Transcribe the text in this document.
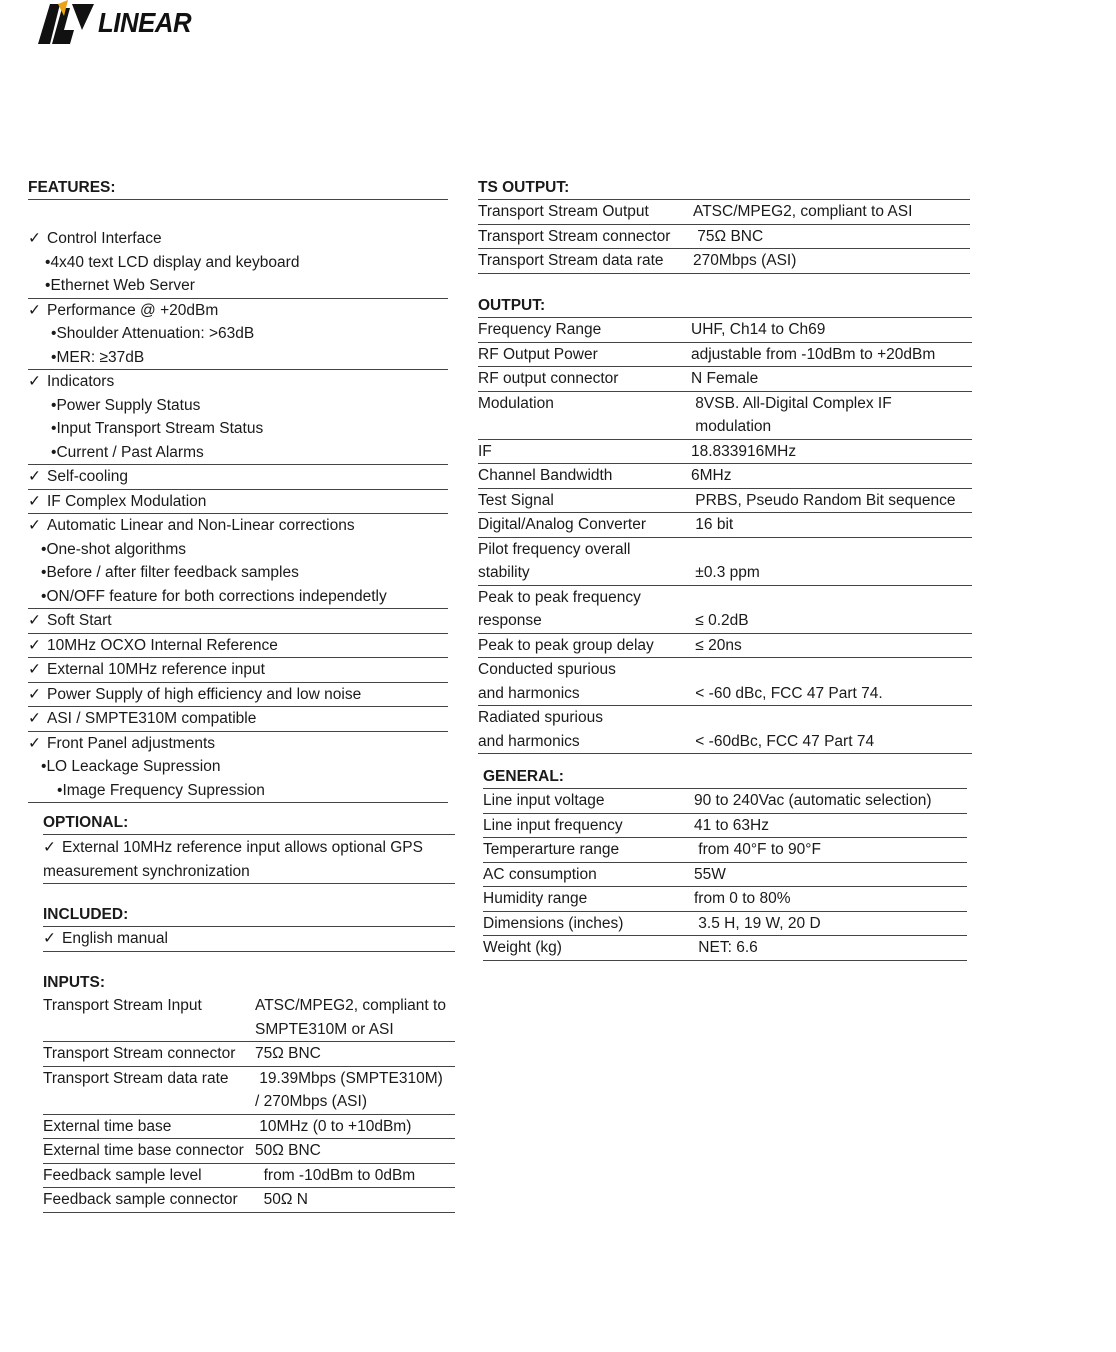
LINEAR
FEATURES:
✓ Control Interface
•4x40 text LCD display and keyboard
•Ethernet Web Server
✓ Performance @ +20dBm
•Shoulder Attenuation: >63dB
•MER: ≥37dB
✓ Indicators
•Power Supply Status
•Input Transport Stream Status
•Current / Past Alarms
✓ Self-cooling
✓ IF Complex Modulation
✓ Automatic Linear and Non-Linear corrections
•One-shot algorithms
•Before / after filter feedback samples
•ON/OFF feature for both corrections independetly
✓ Soft Start
✓ 10MHz OCXO Internal Reference
✓ External 10MHz reference input
✓ Power Supply of high efficiency and low noise
✓ ASI / SMPTE310M compatible
✓ Front Panel adjustments
•LO Leackage Supression
•Image Frequency Supression
OPTIONAL:
✓ External 10MHz reference input allows optional GPS
measurement synchronization
INCLUDED:
✓ English manual
INPUTS:
Transport Stream Input	ATSC/MPEG2, compliant to
SMPTE310M or ASI
Transport Stream connector	75Ω BNC
Transport Stream data rate	19.39Mbps (SMPTE310M)
/ 270Mbps (ASI)
External time base	10MHz (0 to +10dBm)
External time base connector 50Ω BNC
Feedback sample level	from -10dBm to 0dBm
Feedback sample connector	50Ω N
TS OUTPUT:
Transport Stream Output	ATSC/MPEG2, compliant to ASI
Transport Stream connector	75Ω BNC
Transport Stream data rate	270Mbps (ASI)
OUTPUT:
Frequency Range	UHF, Ch14 to Ch69
RF Output Power	adjustable from -10dBm to +20dBm
RF output connector	N Female
Modulation	8VSB. All-Digital Complex IF
modulation
IF	18.833916MHz
Channel Bandwidth	6MHz
Test Signal	PRBS, Pseudo Random Bit sequence
Digital/Analog Converter	16 bit
Pilot frequency overall
stability
	±0.3 ppm
Peak to peak frequency
response
	≤ 0.2dB
Peak to peak group delay	≤ 20ns
Conducted spurious
and harmonics
	< -60 dBc, FCC 47 Part 74.
Radiated spurious
and harmonics
	< -60dBc, FCC 47 Part 74
GENERAL:
Line input voltage	90 to 240Vac (automatic selection)
Line input frequency	41 to 63Hz
Temperarture range	from 40°F to 90°F
AC consumption	55W
Humidity range	from 0 to 80%
Dimensions (inches)	3.5 H, 19 W, 20 D
Weight (kg)	NET: 6.6
